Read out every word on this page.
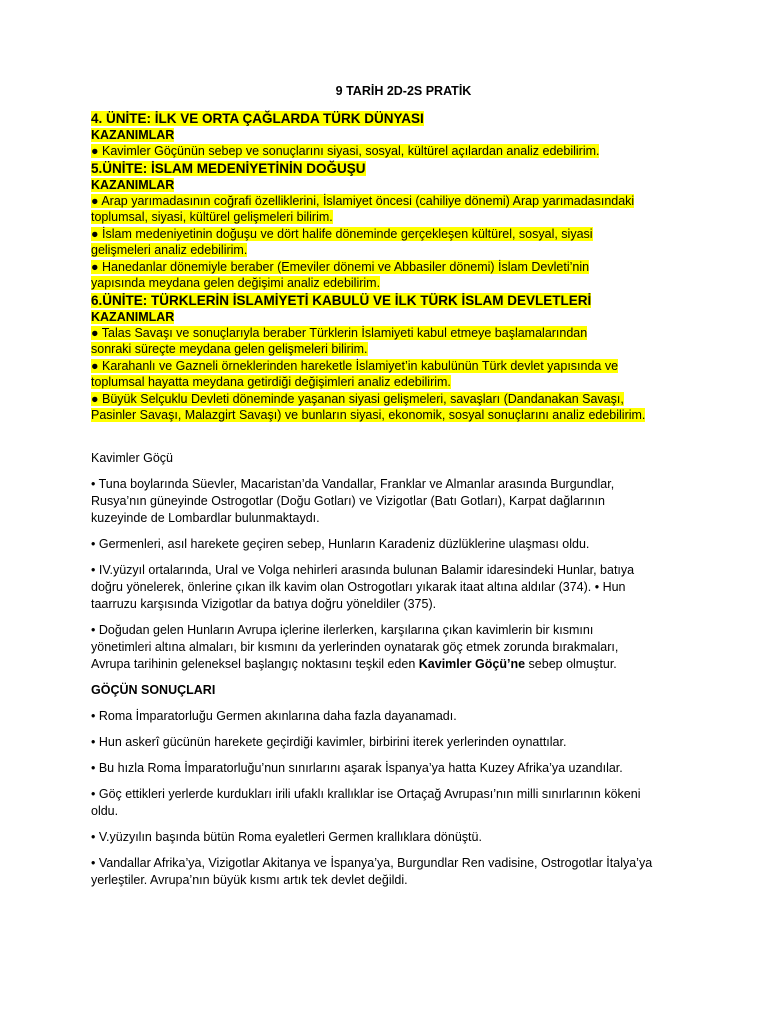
9 TARİH 2D-2S PRATİK
4. ÜNİTE: İLK VE ORTA ÇAĞLARDA TÜRK DÜNYASI
KAZANIMLAR
● Kavimler Göçünün sebep ve sonuçlarını siyasi, sosyal, kültürel açılardan analiz edebilirim.
5.ÜNİTE: İSLAM MEDENİYETİNİN DOĞUŞU
KAZANIMLAR
● Arap yarımadasının coğrafi özelliklerini, İslamiyet öncesi (cahiliye dönemi) Arap yarımadasındaki
toplumsal, siyasi, kültürel gelişmeleri bilirim.
● İslam medeniyetinin doğuşu ve dört halife döneminde gerçekleşen kültürel, sosyal, siyasi
gelişmeleri analiz edebilirim.
● Hanedanlar dönemiyle beraber (Emeviler dönemi ve Abbasiler dönemi) İslam Devleti’nin
yapısında meydana gelen değişimi analiz edebilirim.
6.ÜNİTE: TÜRKLERİN İSLAMİYETİ KABULÜ VE İLK TÜRK İSLAM DEVLETLERİ
KAZANIMLAR
● Talas Savaşı ve sonuçlarıyla beraber Türklerin İslamiyeti kabul etmeye başlamalarından
sonraki süreçte meydana gelen gelişmeleri bilirim.
● Karahanlı ve Gazneli örneklerinden hareketle İslamiyet’in kabulünün Türk devlet yapısında ve
toplumsal hayatta meydana getirdiği değişimleri analiz edebilirim.
● Büyük Selçuklu Devleti döneminde yaşanan siyasi gelişmeleri, savaşları (Dandanakan Savaşı,
Pasinler Savaşı, Malazgirt Savaşı) ve bunların siyasi, ekonomik, sosyal sonuçlarını analiz edebilirim.
Kavimler Göçü
• Tuna boylarında Süevler, Macaristan’da Vandallar, Franklar ve Almanlar arasında Burgundlar,
Rusya’nın güneyinde Ostrogotlar (Doğu Gotları) ve Vizigotlar (Batı Gotları), Karpat dağlarının
kuzeyinde de Lombardlar bulunmaktaydı.
• Germenleri, asıl harekete geçiren sebep, Hunların Karadeniz düzlüklerine ulaşması oldu.
• IV.yüzyıl ortalarında, Ural ve Volga nehirleri arasında bulunan Balamir idaresindeki Hunlar, batıya
doğru yönelerek, önlerine çıkan ilk kavim olan Ostrogotları yıkarak itaat altına aldılar (374). • Hun
taarruzu karşısında Vizigotlar da batıya doğru yöneldiler (375).
• Doğudan gelen Hunların Avrupa içlerine ilerlerken, karşılarına çıkan kavimlerin bir kısmını
yönetimleri altına almaları, bir kısmını da yerlerinden oynatarak göç etmek zorunda bırakmaları,
Avrupa tarihinin geleneksel başlangıç noktasını teşkil eden Kavimler Göçü’ne sebep olmuştur.
GÖÇÜN SONUÇLARI
• Roma İmparatorluğu Germen akınlarına daha fazla dayanamadı.
• Hun askerî gücünün harekete geçirdiği kavimler, birbirini iterek yerlerinden oynattılar.
• Bu hızla Roma İmparatorluğu’nun sınırlarını aşarak İspanya’ya hatta Kuzey Afrika’ya uzandılar.
• Göç ettikleri yerlerde kurdukları irili ufaklı krallıklar ise Ortaçağ Avrupası’nın milli sınırlarının kökeni
oldu.
• V.yüzyılın başında bütün Roma eyaletleri Germen krallıklara dönüştü.
• Vandallar Afrika’ya, Vizigotlar Akitanya ve İspanya’ya, Burgundlar Ren vadisine, Ostrogotlar İtalya’ya
yerleştiler. Avrupa’nın büyük kısmı artık tek devlet değildi.
